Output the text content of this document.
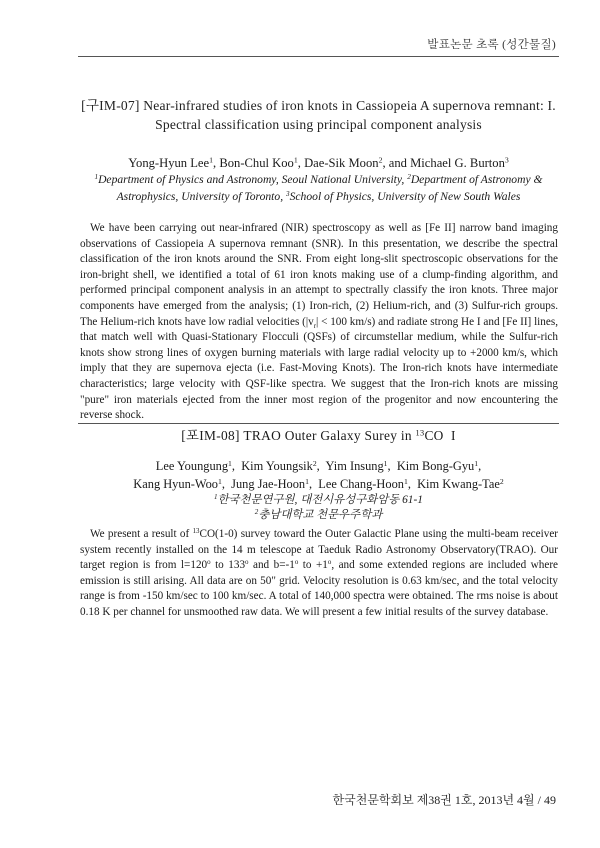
발표논문 초록 (성간물질)
[구IM-07] Near-infrared studies of iron knots in Cassiopeia A supernova remnant: I. Spectral classification using principal component analysis
Yong-Hyun Lee$^1$, Bon-Chul Koo$^1$, Dae-Sik Moon$^2$, and Michael G. Burton$^3$
$^1$Department of Physics and Astronomy, Seoul National University, $^2$Department of Astronomy & Astrophysics, University of Toronto, $^3$School of Physics, University of New South Wales

We have been carrying out near-infrared (NIR) spectroscopy as well as [Fe II] narrow band imaging observations of Cassiopeia A supernova remnant (SNR). In this presentation, we describe the spectral classification of the iron knots around the SNR. From eight long-slit spectroscopic observations for the iron-bright shell, we identified a total of 61 iron knots making use of a clump-finding algorithm, and performed principal component analysis in an attempt to spectrally classify the iron knots. Three major components have emerged from the analysis; (1) Iron-rich, (2) Helium-rich, and (3) Sulfur-rich groups. The Helium-rich knots have low radial velocities ($|v_r| < 100$ km/s) and radiate strong He I and [Fe II] lines, that match well with Quasi-Stationary Flocculi (QSFs) of circumstellar medium, while the Sulfur-rich knots show strong lines of oxygen burning materials with large radial velocity up to +2000 km/s, which imply that they are supernova ejecta (i.e. Fast-Moving Knots). The Iron-rich knots have intermediate characteristics; large velocity with QSF-like spectra. We suggest that the Iron-rich knots are missing "pure" iron materials ejected from the inner most region of the progenitor and now encountering the reverse shock.

[포IM-08] TRAO Outer Galaxy Surey in $^{13}$CO  I
Lee Youngung$^1$,  Kim Youngsik$^2$,  Yim Insung$^1$,  Kim Bong-Gyu$^1$,
Kang Hyun-Woo$^1$,  Jung Jae-Hoon$^1$,  Lee Chang-Hoon$^1$,  Kim Kwang-Tae$^2$
$^1$한국천문연구원, 대전시유성구화암동 61-1
$^2$충남대학교 천문우주학과

We present a result of $^{13}$CO(1-0) survey toward the Outer Galactic Plane using the multi-beam receiver system recently installed on the 14 m telescope at Taeduk Radio Astronomy Observatory(TRAO). Our target region is from $l=120^o$ to 133$^o$ and $b=-1^o$ to $+1^o$, and some extended regions are included where emission is still arising. All data are on 50" grid. Velocity resolution is 0.63 km/sec, and the total velocity range is from -150 km/sec to 100 km/sec. A total of 140,000 spectra were obtained. The rms noise is about 0.18 K per channel for unsmoothed raw data. We will present a few initial results of the survey database.

한국천문학회보 제38권 1호, 2013년 4월 / 49
